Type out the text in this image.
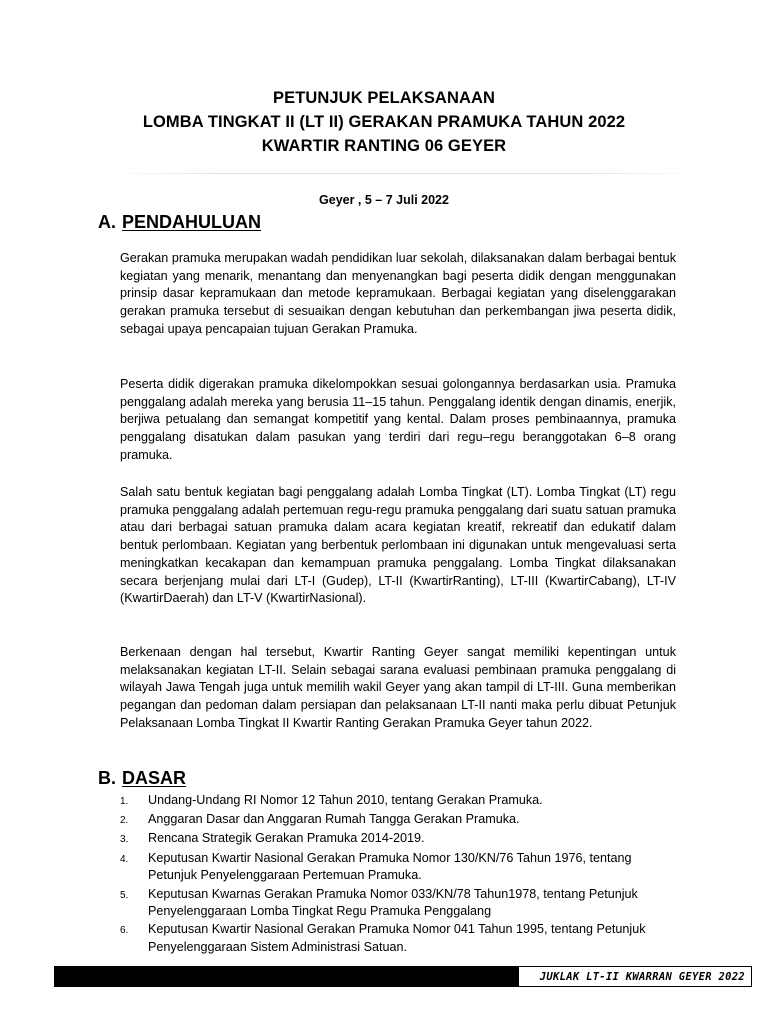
PETUNJUK PELAKSANAAN
LOMBA TINGKAT II (LT II) GERAKAN PRAMUKA TAHUN 2022
KWARTIR RANTING 06 GEYER
Geyer , 5 – 7 Juli 2022
A. PENDAHULUAN

Gerakan pramuka merupakan wadah pendidikan luar sekolah, dilaksanakan dalam berbagai bentuk kegiatan yang menarik, menantang dan menyenangkan bagi peserta didik dengan menggunakan prinsip dasar kepramukaan dan metode kepramukaan. Berbagai kegiatan yang diselenggarakan gerakan pramuka tersebut di sesuaikan dengan kebutuhan dan perkembangan jiwa peserta didik, sebagai upaya pencapaian tujuan Gerakan Pramuka.

Peserta didik digerakan pramuka dikelompokkan sesuai golongannya berdasarkan usia. Pramuka penggalang adalah mereka yang berusia 11–15 tahun. Penggalang identik dengan dinamis, enerjik, berjiwa petualang dan semangat kompetitif yang kental. Dalam proses pembinaannya, pramuka penggalang disatukan dalam pasukan yang terdiri dari regu–regu beranggotakan 6–8 orang pramuka.

Salah satu bentuk kegiatan bagi penggalang adalah Lomba Tingkat (LT). Lomba Tingkat (LT) regu pramuka penggalang adalah pertemuan regu-regu pramuka penggalang dari suatu satuan pramuka atau dari berbagai satuan pramuka dalam acara kegiatan kreatif, rekreatif dan edukatif dalam bentuk perlombaan. Kegiatan yang berbentuk perlombaan ini digunakan untuk mengevaluasi serta meningkatkan kecakapan dan kemampuan pramuka penggalang. Lomba Tingkat dilaksanakan secara berjenjang mulai dari LT-I (Gudep), LT-II (KwartirRanting), LT-III (KwartirCabang), LT-IV (KwartirDaerah) dan LT-V (KwartirNasional).

Berkenaan dengan hal tersebut, Kwartir Ranting Geyer sangat memiliki kepentingan untuk melaksanakan kegiatan LT-II. Selain sebagai sarana evaluasi pembinaan pramuka penggalang di wilayah Jawa Tengah juga untuk memilih wakil Geyer yang akan tampil di LT-III. Guna memberikan pegangan dan pedoman dalam persiapan dan pelaksanaan LT-II nanti maka perlu dibuat Petunjuk Pelaksanaan Lomba Tingkat II Kwartir Ranting Gerakan Pramuka Geyer tahun 2022.

B. DASAR
1.	Undang-Undang RI Nomor 12 Tahun 2010, tentang Gerakan Pramuka.
2.	Anggaran Dasar dan Anggaran Rumah Tangga Gerakan Pramuka.
3.	Rencana Strategik Gerakan Pramuka 2014-2019.
4.	Keputusan Kwartir Nasional Gerakan Pramuka Nomor 130/KN/76 Tahun 1976, tentang Petunjuk Penyelenggaraan Pertemuan Pramuka.
5.	Keputusan Kwarnas Gerakan Pramuka Nomor 033/KN/78 Tahun1978, tentang Petunjuk Penyelenggaraan Lomba Tingkat Regu Pramuka Penggalang
6.	Keputusan Kwartir Nasional Gerakan Pramuka Nomor 041 Tahun 1995, tentang Petunjuk Penyelenggaraan Sistem Administrasi Satuan.
JUKLAK LT-II KWARRAN GEYER 2022
